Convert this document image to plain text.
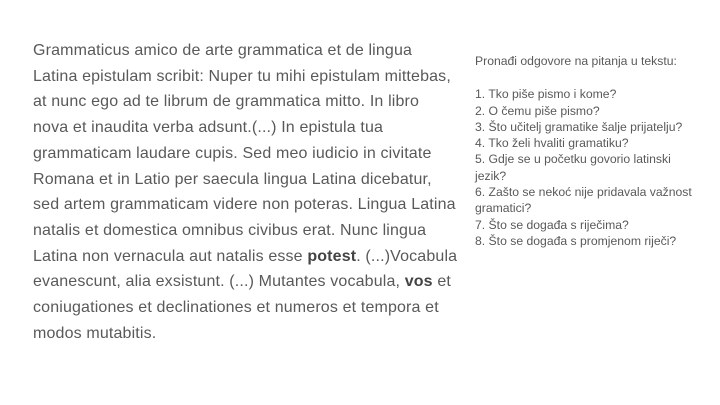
Grammaticus amico de arte grammatica et de lingua Latina epistulam scribit: Nuper tu mihi epistulam mittebas, at nunc ego ad te librum de grammatica mitto. In libro nova et inaudita verba adsunt.(...) In epistula tua grammaticam laudare cupis. Sed meo iudicio in civitate Romana et in Latio per saecula lingua Latina dicebatur, sed artem grammaticam videre non poteras. Lingua Latina natalis et domestica omnibus civibus erat. Nunc lingua Latina non vernacula aut natalis esse potest. (...)Vocabula evanescunt, alia exsistunt. (...) Mutantes vocabula, vos et coniugationes et declinationes et numeros et tempora et modos mutabitis.

Pronađi odgovore na pitanja u tekstu:

1. Tko piše pismo i kome?
2. O čemu piše pismo?
3. Što učitelj gramatike šalje prijatelju?
4. Tko želi hvaliti gramatiku?
5. Gdje se u početku govorio latinski jezik?
6. Zašto se nekoć nije pridavala važnost gramatici?
7. Što se događa s riječima?
8. Što se događa s promjenom riječi?
